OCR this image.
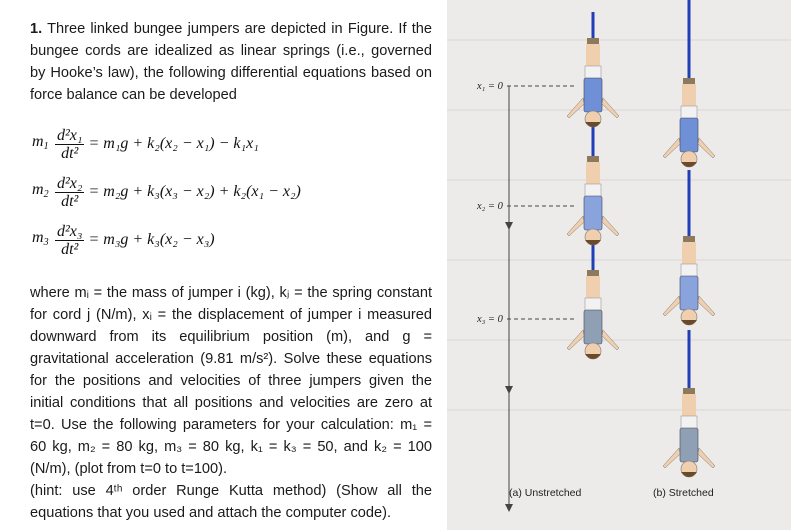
1. Three linked bungee jumpers are depicted in Figure. If the bungee cords are idealized as linear springs (i.e., governed by Hooke’s law), the following differential equations based on force balance can be developed

$m_1 \frac{\text{d²x₁}}{\text{dt²}} = m_1g + k_2(x_2 - x_1) - k_1x_1$
$m_2 \frac{\text{d²x₂}}{\text{dt²}} = m_2g + k_3(x_3 - x_2) + k_2(x_1 - x_2)$
$m_3 \frac{\text{d²x₃}}{\text{dt²}} = m_3g + k_3(x_2 - x_3)$

where mᵢ = the mass of jumper i (kg), kⱼ = the spring constant for cord j (N/m), xᵢ = the displacement of jumper i measured downward from its equilibrium position (m), and g = gravitational acceleration (9.81 m/s²). Solve these equations for the positions and velocities of three jumpers given the initial conditions that all positions and velocities are zero at t=0. Use the following parameters for your calculation: m₁ = 60 kg, m₂ = 80 kg, m₃ = 80 kg, k₁ = k₃ = 50, and k₂ = 100 (N/m), (plot from t=0 to t=100).

(hint: use 4ᵗʰ order Runge Kutta method) (Show all the equations that you used and attach the computer code).

x₁ = 0
x₂ = 0
x₃ = 0
(a) Unstretched	(b) Stretched
